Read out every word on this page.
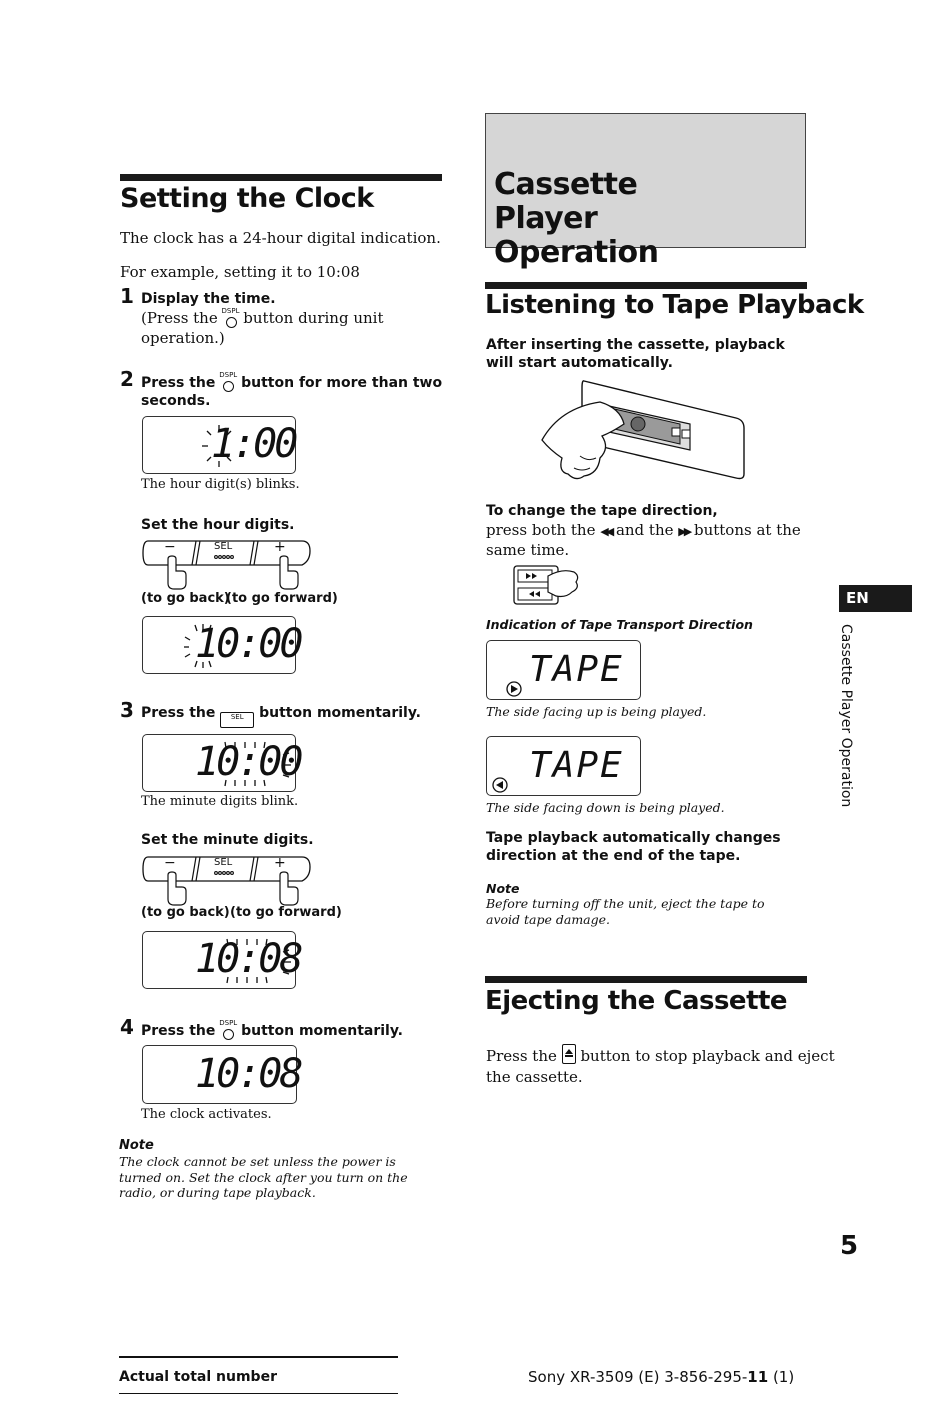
Setting the Clock
The clock has a 24-hour digital indication.
For example, setting it to 10:08
1 Display the time.
(Press the DSPL button during unit
operation.)
2 Press the DSPL button for more than two
seconds.
1:00
The hour digit(s) blinks.
Set the hour digits.
−	SEL	+
(to go back)
(to go forward)
10:00
3 Press the SEL button momentarily.
10:00
The minute digits blink.
Set the minute digits.
−	SEL	+
(to go back) (to go forward)
10:08
4 Press the DSPL button momentarily.
10:08
The clock activates.
Note
The clock cannot be set unless the power is turned on. Set the clock after you turn on the radio, or during tape playback.
Cassette Player Operation
Listening to Tape Playback
After inserting the cassette, playback will start automatically.
To change the tape direction,
press both the ◀◀ and the ▶▶ buttons at the
same time.
Indication of Tape Transport Direction
TAPE
The side facing up is being played.
TAPE
The side facing down is being played.
Tape playback automatically changes direction at the end of the tape.
Note
Before turning off the unit, eject the tape to avoid tape damage.
Ejecting the Cassette
Press the button to stop playback and eject
the cassette.
EN
Cassette Player Operation
5
Actual total number	Sony XR-3509 (E) 3-856-295-11 (1)
